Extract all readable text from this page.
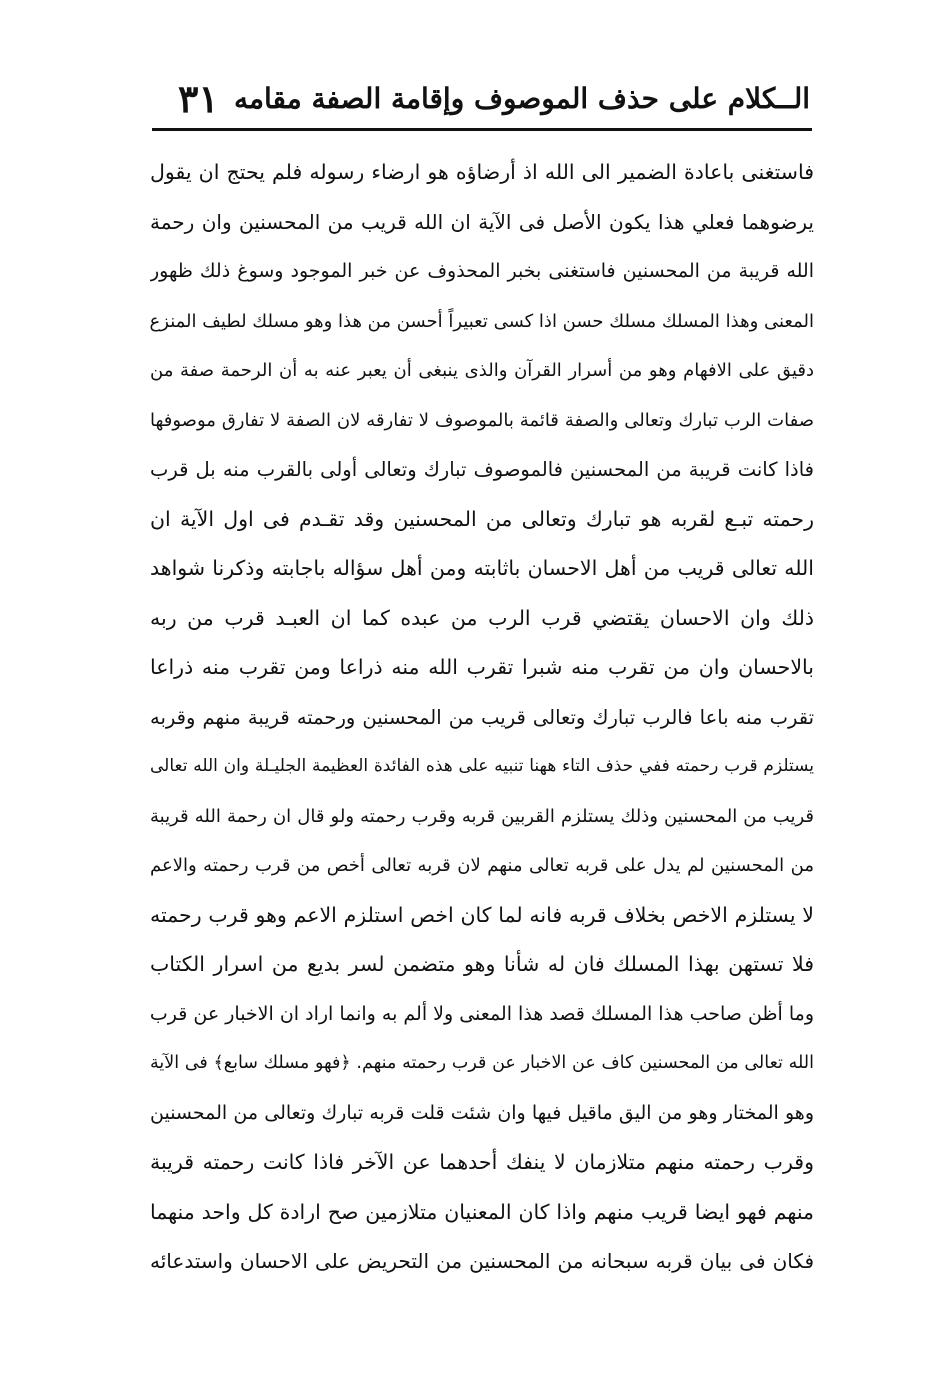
الــكلام على حذف الموصوف وإقامة الصفة مقامه
٣١
فاستغنى باعادة الضمير الى الله اذ أرضاؤه هو ارضاء رسوله فلم يحتج ان يقول
يرضوهما فعلي هذا يكون الأصل فى الآية ان الله قريب من المحسنين وان رحمة
الله قريبة من المحسنين فاستغنى بخبر المحذوف عن خبر الموجود وسوغ ذلك ظهور
المعنى وهذا المسلك مسلك حسن اذا كسى تعبيراً أحسن من هذا وهو مسلك لطيف المنزع
دقيق على الافهام وهو من أسرار القرآن والذى ينبغى أن يعبر عنه به أن الرحمة صفة من
صفات الرب تبارك وتعالى والصفة قائمة بالموصوف لا تفارقه لان الصفة لا تفارق موصوفها
فاذا كانت قريبة من المحسنين فالموصوف تبارك وتعالى أولى بالقرب منه بل قرب
رحمته تبـع لقربه هو تبارك وتعالى من المحسنين وقد تقـدم فى اول الآية ان
الله تعالى قريب من أهل الاحسان باثابته ومن أهل سؤاله باجابته وذكرنا شواهد
ذلك وان الاحسان يقتضي قرب الرب من عبده كما ان العبـد قرب من ربه
بالاحسان وان من تقرب منه شبرا تقرب الله منه ذراعا ومن تقرب منه ذراعا
تقرب منه باعا فالرب تبارك وتعالى قريب من المحسنين ورحمته قريبة منهم وقربه
يستلزم قرب رحمته ففي حذف التاء ههنا تنبيه على هذه الفائدة العظيمة الجليـلة وان الله تعالى
قريب من المحسنين وذلك يستلزم القربين قربه وقرب رحمته ولو قال ان رحمة الله قريبة
من المحسنين لم يدل على قربه تعالى منهم لان قربه تعالى أخص من قرب رحمته والاعم
لا يستلزم الاخص بخلاف قربه فانه لما كان اخص استلزم الاعم وهو قرب رحمته
فلا تستهن بهذا المسلك فان له شأنا وهو متضمن لسر بديع من اسرار الكتاب
وما أظن صاحب هذا المسلك قصد هذا المعنى ولا ألم به وانما اراد ان الاخبار عن قرب
الله تعالى من المحسنين كاف عن الاخبار عن قرب رحمته منهم. ﴿فهو مسلك سابع﴾ فى الآية
وهو المختار وهو من اليق ماقيل فيها وان شئت قلت قربه تبارك وتعالى من المحسنين
وقرب رحمته منهم متلازمان لا ينفك أحدهما عن الآخر فاذا كانت رحمته قريبة
منهم فهو ايضا قريب منهم واذا كان المعنيان متلازمين صح ارادة كل واحد منهما
فكان فى بيان قربه سبحانه من المحسنين من التحريض على الاحسان واستدعائه
